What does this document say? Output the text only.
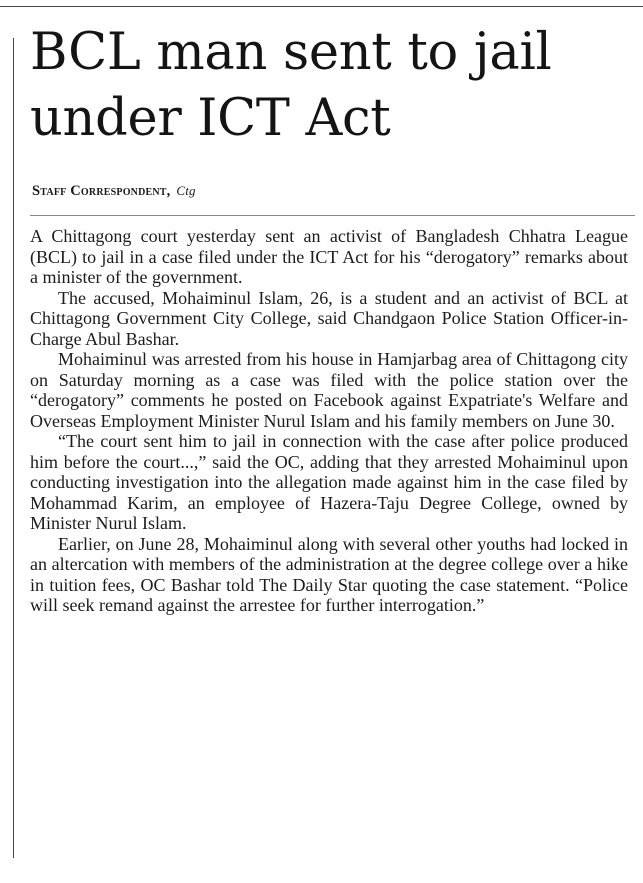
BCL man sent to jail under ICT Act
Staff Correspondent, Ctg

A Chittagong court yesterday sent an activist of Bangladesh Chhatra League (BCL) to jail in a case filed under the ICT Act for his “derogatory” remarks about a minister of the government.

The accused, Mohaiminul Islam, 26, is a student and an activist of BCL at Chittagong Government City College, said Chandgaon Police Station Officer-in-Charge Abul Bashar.

Mohaiminul was arrested from his house in Hamjarbag area of Chittagong city on Saturday morning as a case was filed with the police station over the “derogatory” comments he posted on Facebook against Expatriate's Welfare and Overseas Employment Minister Nurul Islam and his family members on June 30.

“The court sent him to jail in connection with the case after police produced him before the court...,” said the OC, adding that they arrested Mohaiminul upon conducting investigation into the allegation made against him in the case filed by Mohammad Karim, an employee of Hazera-Taju Degree College, owned by Minister Nurul Islam.

Earlier, on June 28, Mohaiminul along with several other youths had locked in an altercation with members of the administration at the degree college over a hike in tuition fees, OC Bashar told The Daily Star quoting the case statement. “Police will seek remand against the arrestee for further interrogation.”
